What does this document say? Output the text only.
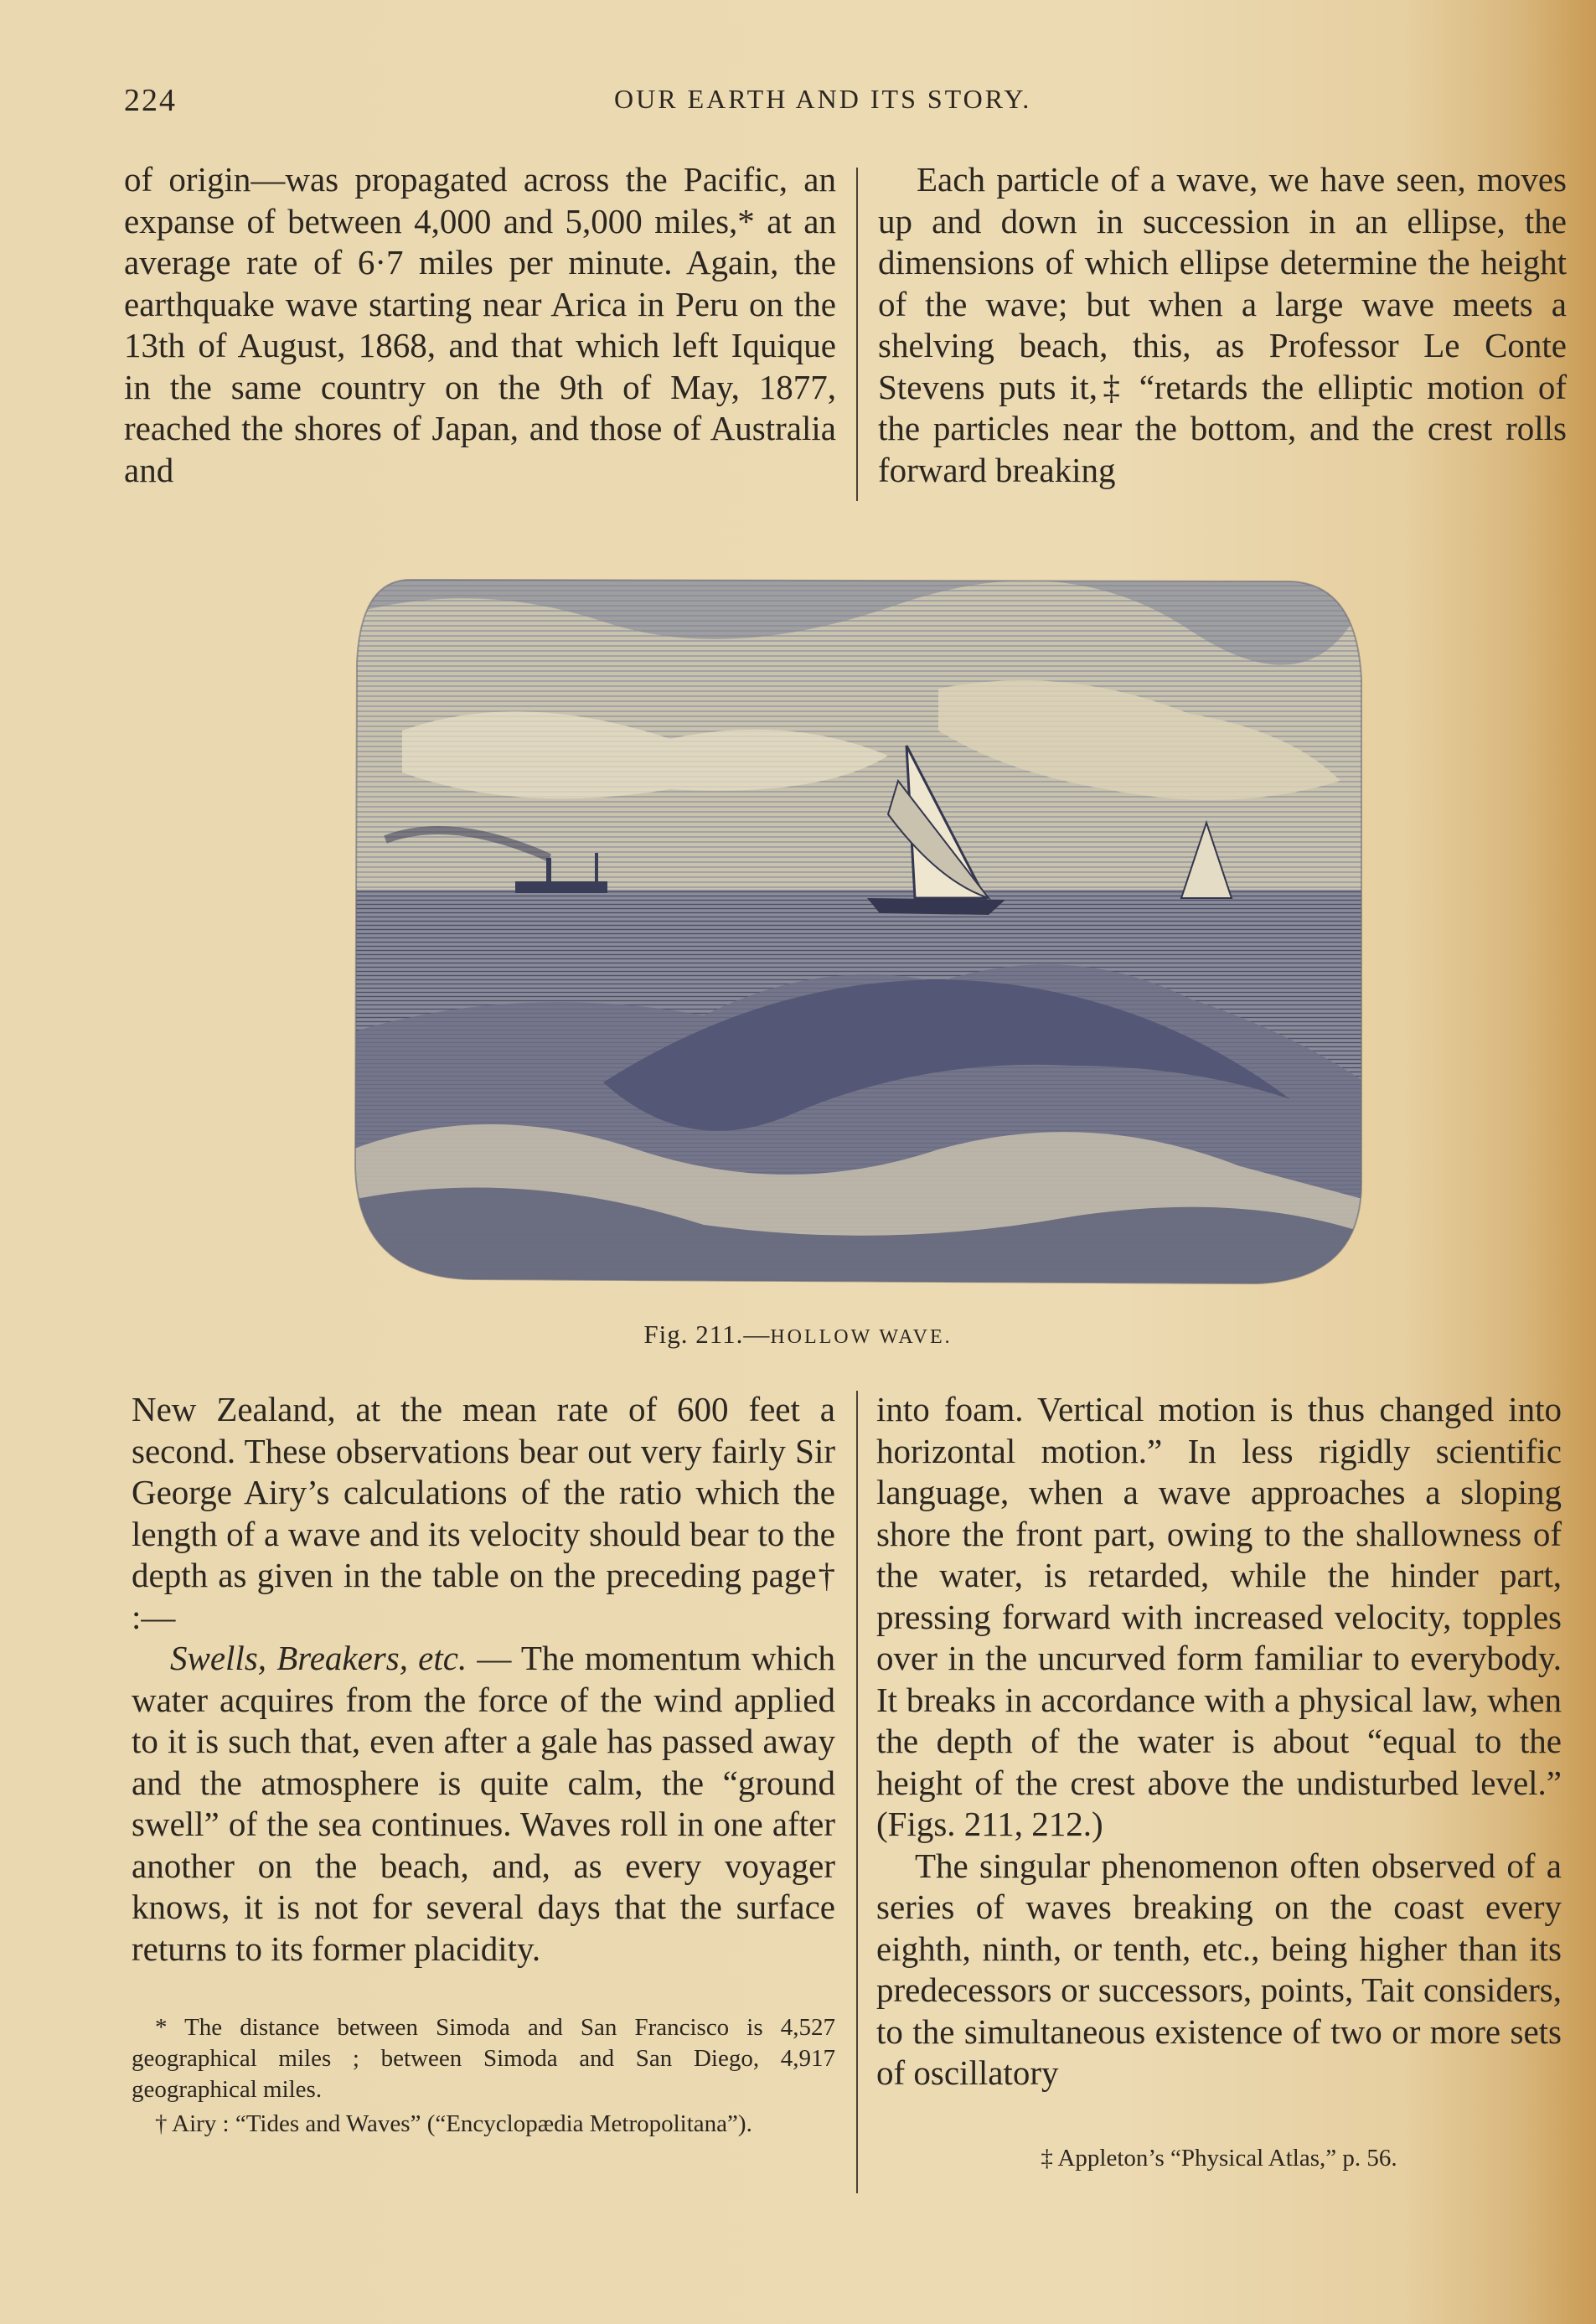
224	OUR EARTH AND ITS STORY.

of origin—was propagated across the Pacific, an expanse of between 4,000 and 5,000 miles,* at an average rate of 6·7 miles per minute. Again, the earthquake wave starting near Arica in Peru on the 13th of August, 1868, and that which left Iquique in the same country on the 9th of May, 1877, reached the shores of Japan, and those of Australia and

Each particle of a wave, we have seen, moves up and down in succession in an ellipse, the dimensions of which ellipse determine the height of the wave; but when a large wave meets a shelving beach, this, as Professor Le Conte Stevens puts it,‡ “retards the elliptic motion of the particles near the bottom, and the crest rolls forward breaking

Fig. 211.—HOLLOW WAVE.

New Zealand, at the mean rate of 600 feet a second. These observations bear out very fairly Sir George Airy’s calculations of the ratio which the length of a wave and its velocity should bear to the depth as given in the table on the preceding page† :—

Swells, Breakers, etc. — The momentum which water acquires from the force of the wind applied to it is such that, even after a gale has passed away and the atmosphere is quite calm, the “ground swell” of the sea continues. Waves roll in one after another on the beach, and, as every voyager knows, it is not for several days that the surface returns to its former placidity.

into foam. Vertical motion is thus changed into horizontal motion.” In less rigidly scientific language, when a wave approaches a sloping shore the front part, owing to the shallowness of the water, is retarded, while the hinder part, pressing forward with increased velocity, topples over in the uncurved form familiar to everybody. It breaks in accordance with a physical law, when the depth of the water is about “equal to the height of the crest above the undisturbed level.” (Figs. 211, 212.)

The singular phenomenon often observed of a series of waves breaking on the coast every eighth, ninth, or tenth, etc., being higher than its predecessors or successors, points, Tait considers, to the simultaneous existence of two or more sets of oscillatory

* The distance between Simoda and San Francisco is 4,527 geographical miles ; between Simoda and San Diego, 4,917 geographical miles.

† Airy : “Tides and Waves” (“Encyclopædia Metropolitana”).

‡ Appleton’s “Physical Atlas,” p. 56.
